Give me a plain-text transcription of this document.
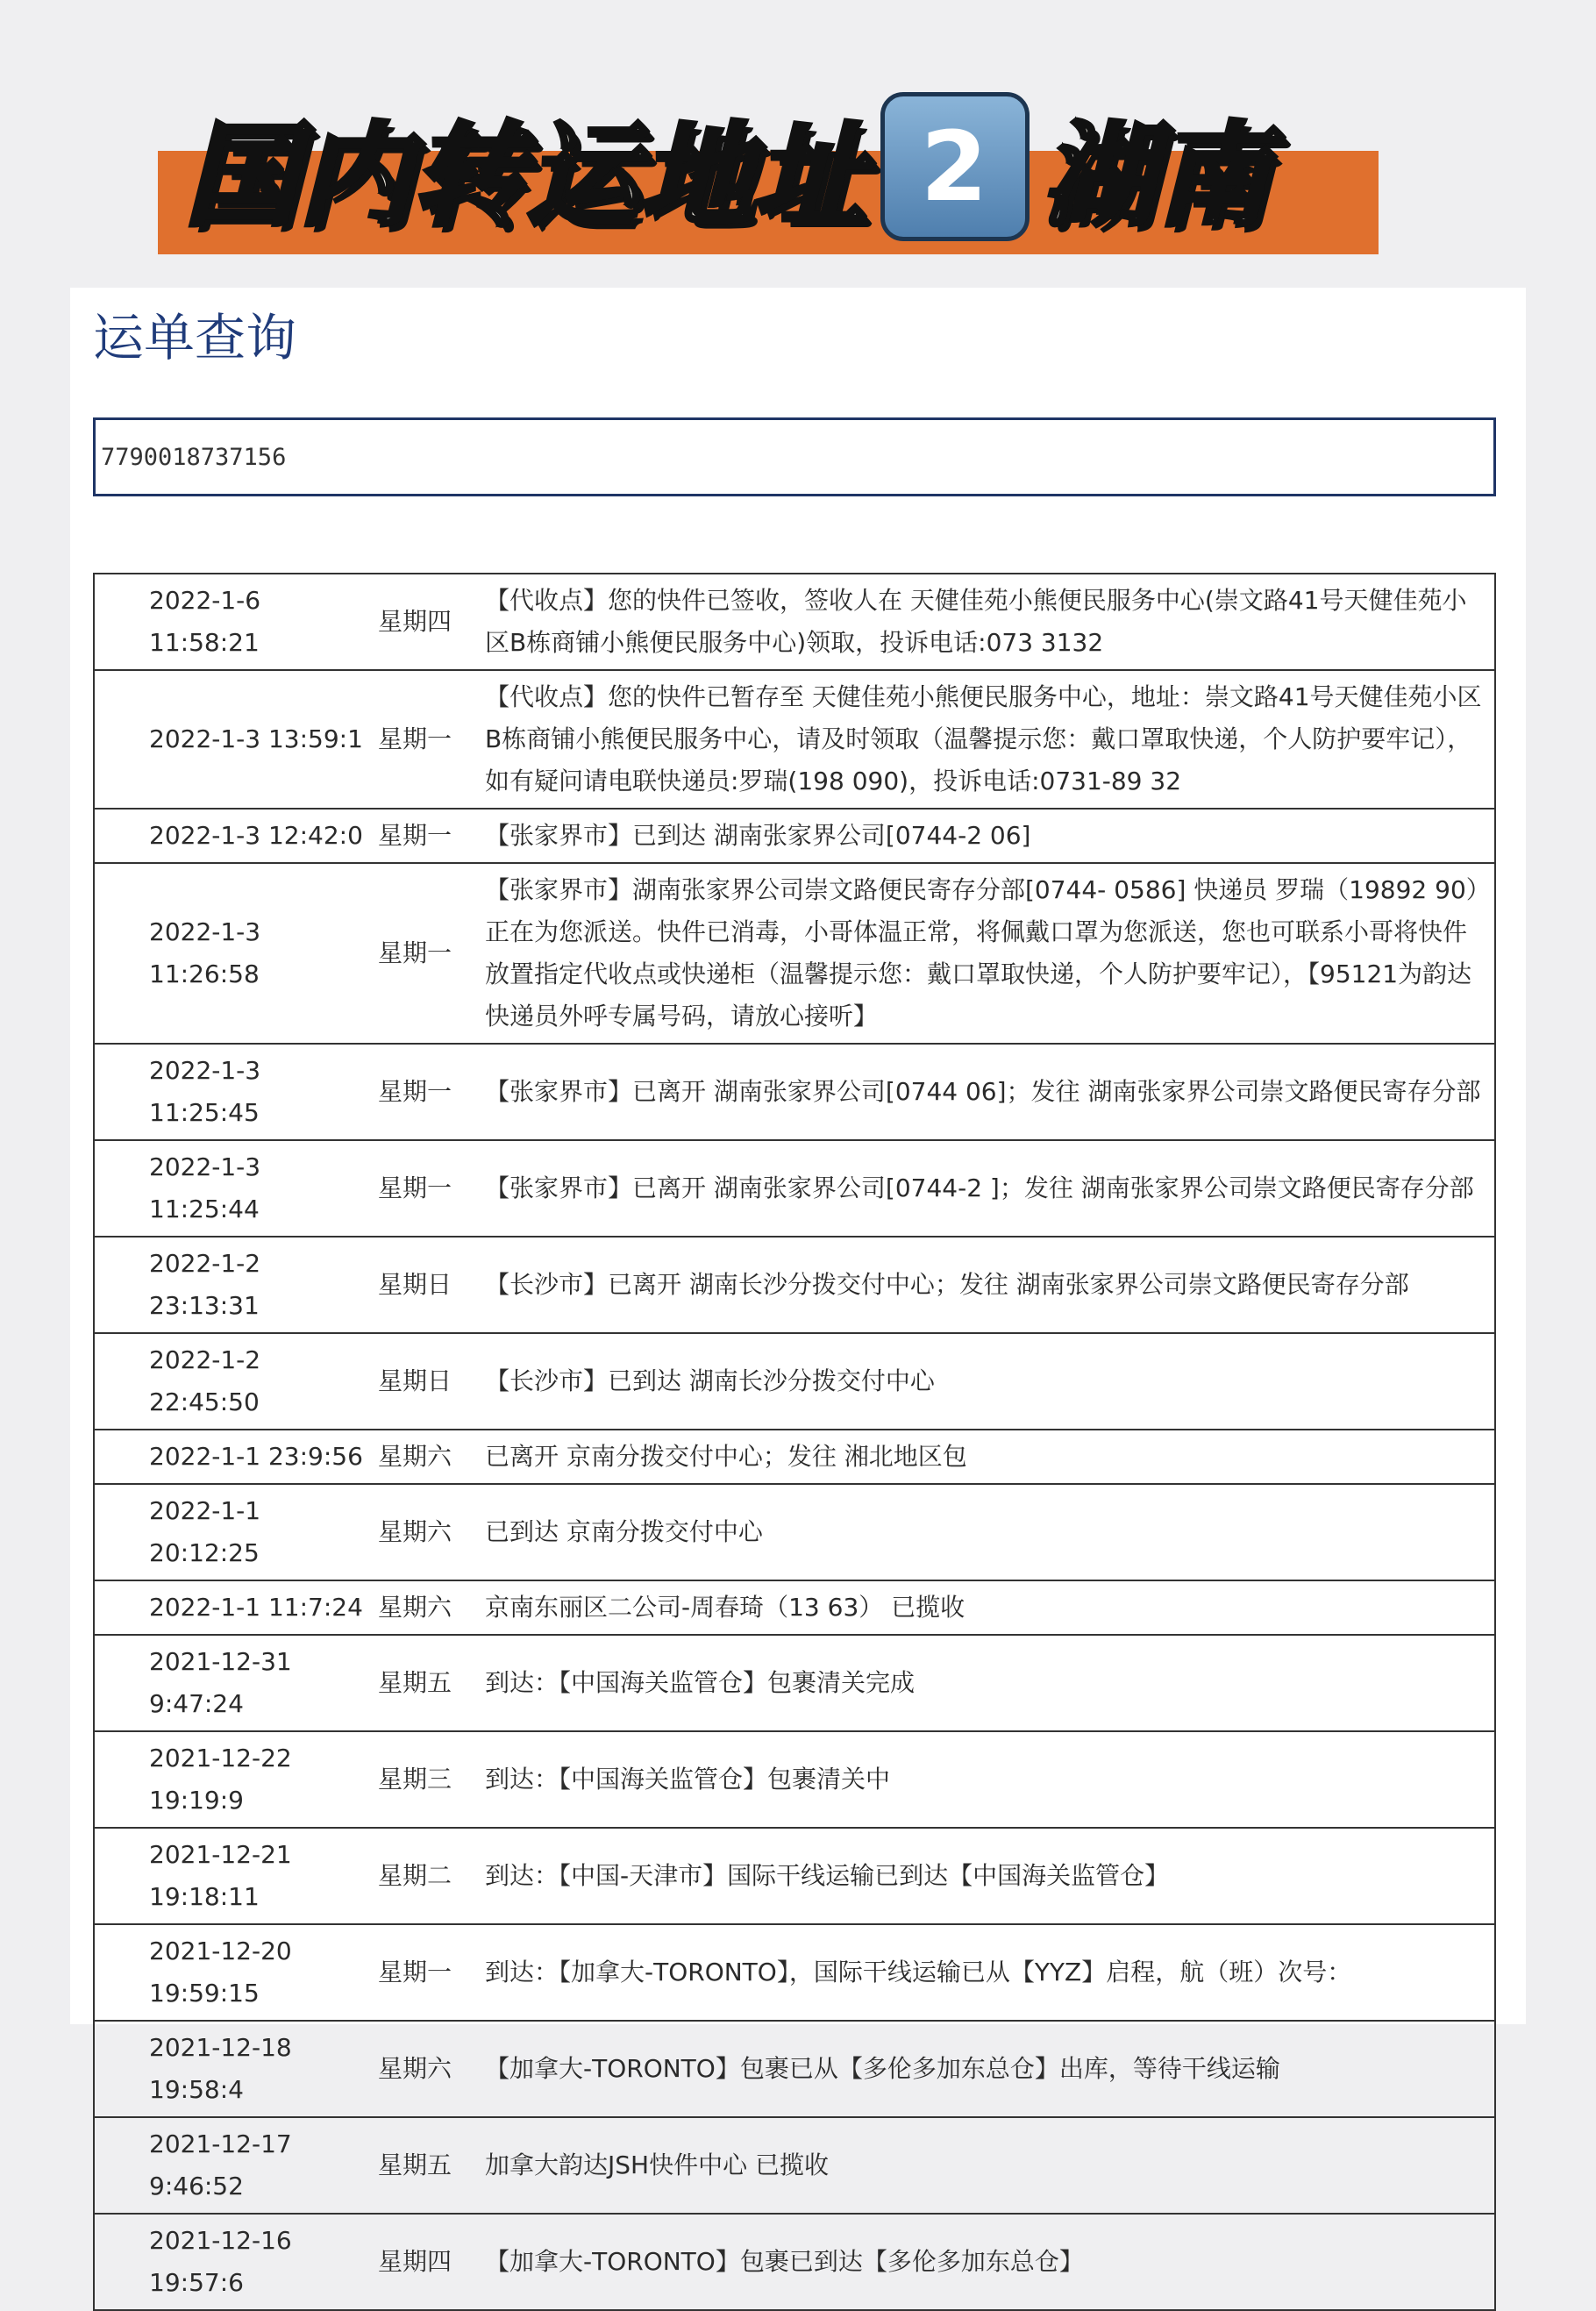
国内转运地址 2 湖南
运单查询
7790018737156
2022-1-6 11:58:21	星期四	【代收点】您的快件已签收，签收人在 天健佳苑小熊便民服务中心(崇文路41号天健佳苑小区B栋商铺小熊便民服务中心)领取，投诉电话:073 3132
2022-1-3 13:59:1	星期一	【代收点】您的快件已暂存至 天健佳苑小熊便民服务中心，地址：崇文路41号天健佳苑小区B栋商铺小熊便民服务中心，请及时领取（温馨提示您：戴口罩取快递，个人防护要牢记），如有疑问请电联快递员:罗瑞(198 090)，投诉电话:0731-89 32
2022-1-3 12:42:0	星期一	【张家界市】已到达 湖南张家界公司[0744-2 06]
2022-1-3 11:26:58	星期一	【张家界市】湖南张家界公司崇文路便民寄存分部[0744- 0586] 快递员 罗瑞（19892 90） 正在为您派送。快件已消毒，小哥体温正常，将佩戴口罩为您派送，您也可联系小哥将快件放置指定代收点或快递柜（温馨提示您：戴口罩取快递，个人防护要牢记），【95121为韵达快递员外呼专属号码，请放心接听】
2022-1-3 11:25:45	星期一	【张家界市】已离开 湖南张家界公司[0744 06]；发往 湖南张家界公司崇文路便民寄存分部
2022-1-3 11:25:44	星期一	【张家界市】已离开 湖南张家界公司[0744-2 ]；发往 湖南张家界公司崇文路便民寄存分部
2022-1-2 23:13:31	星期日	【长沙市】已离开 湖南长沙分拨交付中心；发往 湖南张家界公司崇文路便民寄存分部
2022-1-2 22:45:50	星期日	【长沙市】已到达 湖南长沙分拨交付中心
2022-1-1 23:9:56	星期六	已离开 京南分拨交付中心；发往 湘北地区包
2022-1-1 20:12:25	星期六	已到达 京南分拨交付中心
2022-1-1 11:7:24	星期六	京南东丽区二公司-周春琦（13 63） 已揽收
2021-12-31 9:47:24	星期五	到达：【中国海关监管仓】包裹清关完成
2021-12-22 19:19:9	星期三	到达：【中国海关监管仓】包裹清关中
2021-12-21 19:18:11	星期二	到达：【中国-天津市】国际干线运输已到达【中国海关监管仓】
2021-12-20 19:59:15	星期一	到达：【加拿大-TORONTO】，国际干线运输已从【YYZ】启程，航（班）次号：
2021-12-18 19:58:4	星期六	【加拿大-TORONTO】包裹已从【多伦多加东总仓】出库，等待干线运输
2021-12-17 9:46:52	星期五	加拿大韵达JSH快件中心 已揽收
2021-12-16 19:57:6	星期四	【加拿大-TORONTO】包裹已到达【多伦多加东总仓】
